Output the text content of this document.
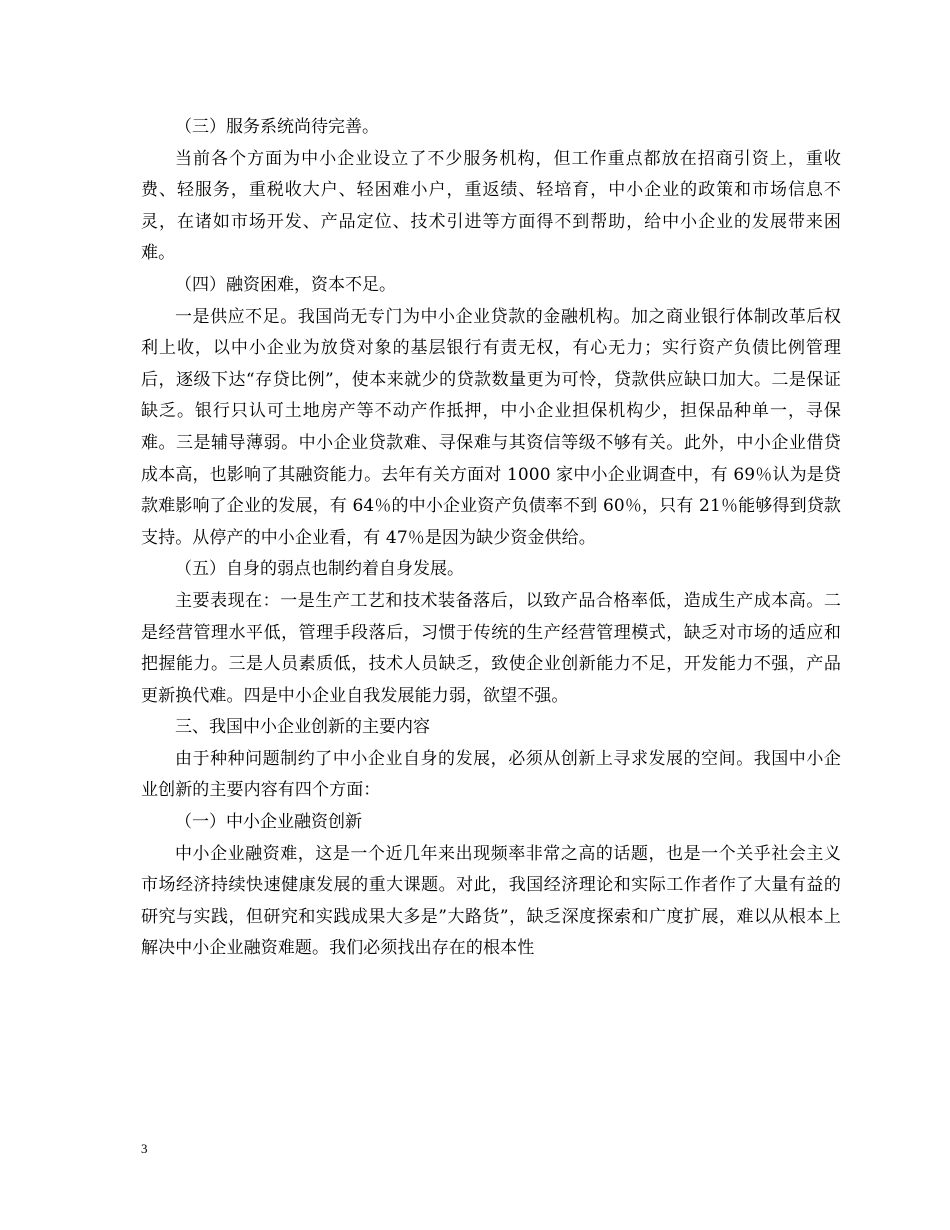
（三）服务系统尚待完善。

当前各个方面为中小企业设立了不少服务机构，但工作重点都放在招商引资上，重收费、轻服务，重税收大户、轻困难小户，重返绩、轻培育，中小企业的政策和市场信息不灵，在诸如市场开发、产品定位、技术引进等方面得不到帮助，给中小企业的发展带来困难。

（四）融资困难，资本不足。

一是供应不足。我国尚无专门为中小企业贷款的金融机构。加之商业银行体制改革后权利上收，以中小企业为放贷对象的基层银行有责无权，有心无力；实行资产负债比例管理后，逐级下达“存贷比例”，使本来就少的贷款数量更为可怜，贷款供应缺口加大。二是保证缺乏。银行只认可土地房产等不动产作抵押，中小企业担保机构少，担保品种单一，寻保难。三是辅导薄弱。中小企业贷款难、寻保难与其资信等级不够有关。此外，中小企业借贷成本高，也影响了其融资能力。去年有关方面对 1000 家中小企业调查中，有 69％认为是贷款难影响了企业的发展，有 64％的中小企业资产负债率不到 60％，只有 21％能够得到贷款支持。从停产的中小企业看，有 47％是因为缺少资金供给。

（五）自身的弱点也制约着自身发展。

主要表现在：一是生产工艺和技术装备落后，以致产品合格率低，造成生产成本高。二是经营管理水平低，管理手段落后，习惯于传统的生产经营管理模式，缺乏对市场的适应和把握能力。三是人员素质低，技术人员缺乏，致使企业创新能力不足，开发能力不强，产品更新换代难。四是中小企业自我发展能力弱，欲望不强。

三、我国中小企业创新的主要内容

由于种种问题制约了中小企业自身的发展，必须从创新上寻求发展的空间。我国中小企业创新的主要内容有四个方面：

（一）中小企业融资创新

中小企业融资难，这是一个近几年来出现频率非常之高的话题，也是一个关乎社会主义市场经济持续快速健康发展的重大课题。对此，我国经济理论和实际工作者作了大量有益的研究与实践，但研究和实践成果大多是”大路货”，缺乏深度探索和广度扩展，难以从根本上解决中小企业融资难题。我们必须找出存在的根本性

3
